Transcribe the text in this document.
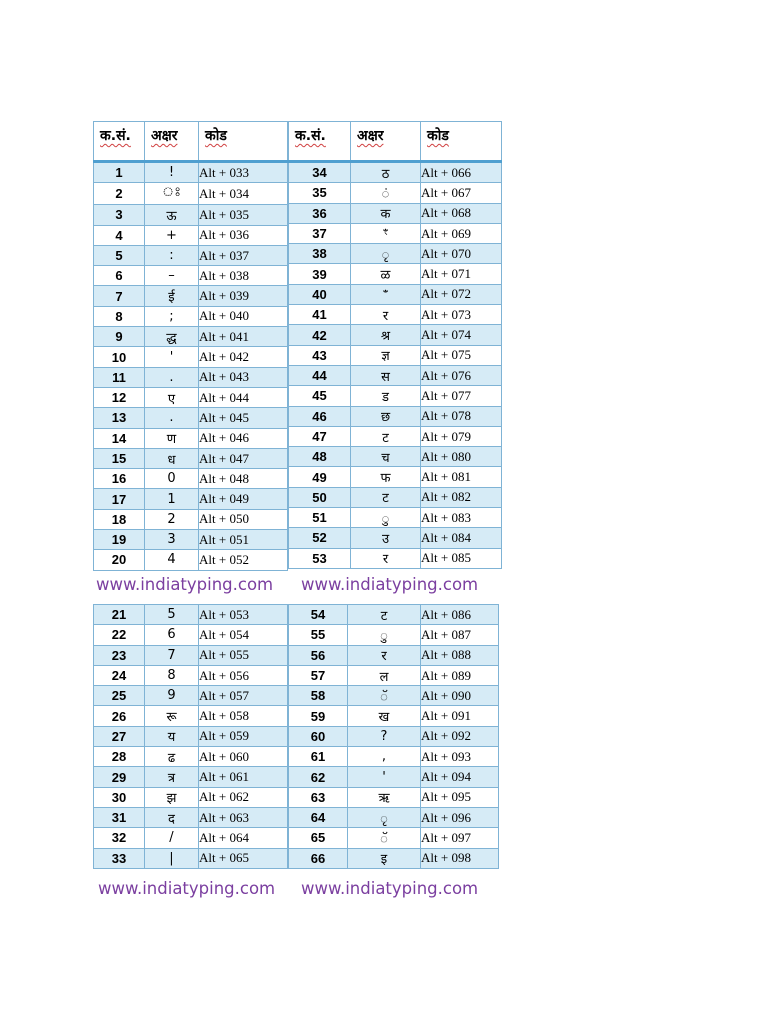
क.सं.	अक्षर	कोड
1	!	Alt + 033
2	ঃ	Alt + 034
3	ऊ	Alt + 035
4	+	Alt + 036
5	:	Alt + 037
6	–	Alt + 038
7	ई	Alt + 039
8	;	Alt + 040
9	द्ध	Alt + 041
10	'	Alt + 042
11	.	Alt + 043
12	ए	Alt + 044
13	.	Alt + 045
14	ण	Alt + 046
15	ध	Alt + 047
16	0	Alt + 048
17	1	Alt + 049
18	2	Alt + 050
19	3	Alt + 051
20	4	Alt + 052
क.सं.	अक्षर	कोड
34	ठ	Alt + 066
35	ं	Alt + 067
36	क	Alt + 068
37	ꣳ	Alt + 069
38	ृ	Alt + 070
39	ळ	Alt + 071
40	ꣲ	Alt + 072
41	र	Alt + 073
42	श्र	Alt + 074
43	ज्ञ	Alt + 075
44	स	Alt + 076
45	ड	Alt + 077
46	छ	Alt + 078
47	ट	Alt + 079
48	च	Alt + 080
49	फ	Alt + 081
50	ट	Alt + 082
51	ु	Alt + 083
52	उ	Alt + 084
53	र	Alt + 085
www.indiatyping.com www.indiatyping.com
21	5	Alt + 053
22	6	Alt + 054
23	7	Alt + 055
24	8	Alt + 056
25	9	Alt + 057
26	रू	Alt + 058
27	य	Alt + 059
28	ढ	Alt + 060
29	त्र	Alt + 061
30	झ	Alt + 062
31	द	Alt + 063
32	/	Alt + 064
33	|	Alt + 065
54	ट	Alt + 086
55	ु	Alt + 087
56	र	Alt + 088
57	ल	Alt + 089
58	ॅ	Alt + 090
59	ख	Alt + 091
60	?	Alt + 092
61	,	Alt + 093
62	'	Alt + 094
63	ऋ	Alt + 095
64	ृ	Alt + 096
65	ॅ	Alt + 097
66	इ	Alt + 098
www.indiatyping.com www.indiatyping.com
